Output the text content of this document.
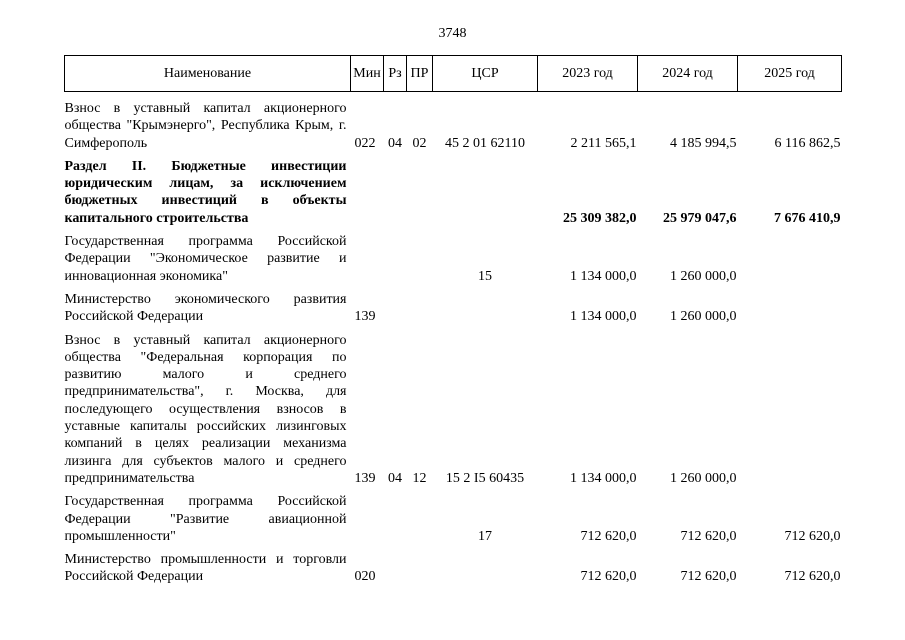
3748
Наименование	Мин	Рз	ПР	ЦСР	2023 год	2024 год	2025 год
Взнос в уставный капитал акционерного общества "Крымэнерго", Республика Крым, г. Симферополь	022	04	02	45 2 01 62110	2 211 565,1	4 185 994,5	6 116 862,5
Раздел II. Бюджетные инвестиции юридическим лицам, за исключением бюджетных инвестиций в объекты капитального строительства					25 309 382,0	25 979 047,6	7 676 410,9
Государственная программа Российской Федерации "Экономическое развитие и инновационная экономика"				15	1 134 000,0	1 260 000,0	
Министерство экономического развития Российской Федерации	139				1 134 000,0	1 260 000,0	
Взнос в уставный капитал акционерного общества "Федеральная корпорация по развитию малого и среднего предпринимательства", г. Москва, для последующего осуществления взносов в уставные капиталы российских лизинговых компаний в целях реализации механизма лизинга для субъектов малого и среднего предпринимательства	139	04	12	15 2 I5 60435	1 134 000,0	1 260 000,0	
Государственная программа Российской Федерации "Развитие авиационной промышленности"				17	712 620,0	712 620,0	712 620,0
Министерство промышленности и торговли Российской Федерации	020				712 620,0	712 620,0	712 620,0
